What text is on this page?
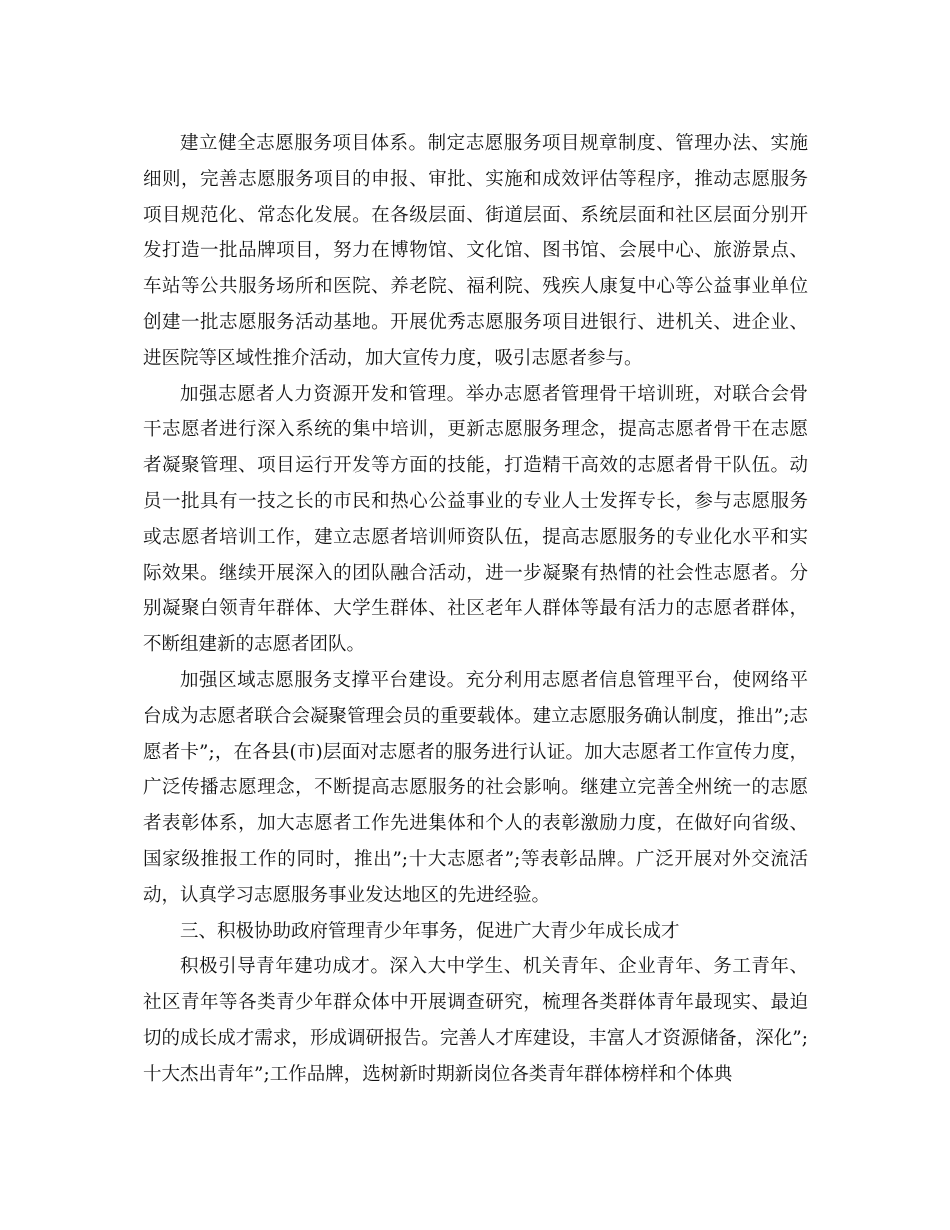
建立健全志愿服务项目体系。制定志愿服务项目规章制度、管理办法、实施细则，完善志愿服务项目的申报、审批、实施和成效评估等程序，推动志愿服务项目规范化、常态化发展。在各级层面、街道层面、系统层面和社区层面分别开发打造一批品牌项目，努力在博物馆、文化馆、图书馆、会展中心、旅游景点、车站等公共服务场所和医院、养老院、福利院、残疾人康复中心等公益事业单位创建一批志愿服务活动基地。开展优秀志愿服务项目进银行、进机关、进企业、进医院等区域性推介活动，加大宣传力度，吸引志愿者参与。

加强志愿者人力资源开发和管理。举办志愿者管理骨干培训班，对联合会骨干志愿者进行深入系统的集中培训，更新志愿服务理念，提高志愿者骨干在志愿者凝聚管理、项目运行开发等方面的技能，打造精干高效的志愿者骨干队伍。动员一批具有一技之长的市民和热心公益事业的专业人士发挥专长，参与志愿服务或志愿者培训工作，建立志愿者培训师资队伍，提高志愿服务的专业化水平和实际效果。继续开展深入的团队融合活动，进一步凝聚有热情的社会性志愿者。分别凝聚白领青年群体、大学生群体、社区老年人群体等最有活力的志愿者群体，不断组建新的志愿者团队。

加强区域志愿服务支撑平台建设。充分利用志愿者信息管理平台，使网络平台成为志愿者联合会凝聚管理会员的重要载体。建立志愿服务确认制度，推出”;志愿者卡”;，在各县(市)层面对志愿者的服务进行认证。加大志愿者工作宣传力度，广泛传播志愿理念，不断提高志愿服务的社会影响。继建立完善全州统一的志愿者表彰体系，加大志愿者工作先进集体和个人的表彰激励力度，在做好向省级、国家级推报工作的同时，推出”;十大志愿者”;等表彰品牌。广泛开展对外交流活动，认真学习志愿服务事业发达地区的先进经验。

三、积极协助政府管理青少年事务，促进广大青少年成长成才

积极引导青年建功成才。深入大中学生、机关青年、企业青年、务工青年、社区青年等各类青少年群众体中开展调查研究，梳理各类群体青年最现实、最迫切的成长成才需求，形成调研报告。完善人才库建设，丰富人才资源储备，深化”;十大杰出青年”;工作品牌，选树新时期新岗位各类青年群体榜样和个体典
